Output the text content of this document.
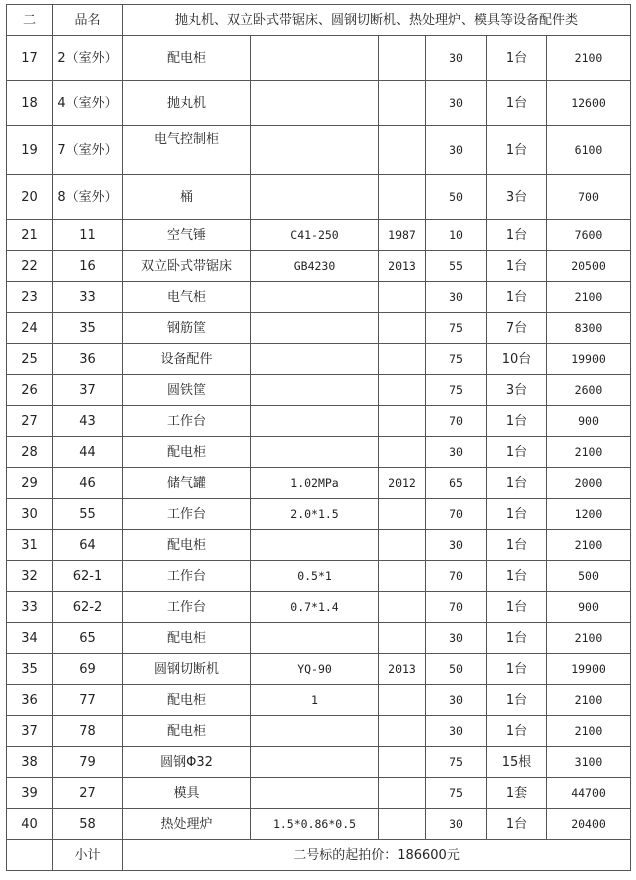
二	品名	抛丸机、双立卧式带锯床、圆钢切断机、热处理炉、模具等设备配件类					
17	2（室外）	配电柜			30	1台	2100
18	4（室外）	抛丸机			30	1台	12600
19	7（室外）	电气控制柜			30	1台	6100
20	8（室外）	桶			50	3台	700
21	11	空气锤	C41-250	1987	10	1台	7600
22	16	双立卧式带锯床	GB4230	2013	55	1台	20500
23	33	电气柜			30	1台	2100
24	35	钢筋筐			75	7台	8300
25	36	设备配件			75	10台	19900
26	37	圆铁筐			75	3台	2600
27	43	工作台			70	1台	900
28	44	配电柜			30	1台	2100
29	46	储气罐	1.02MPa	2012	65	1台	2000
30	55	工作台	2.0*1.5		70	1台	1200
31	64	配电柜			30	1台	2100
32	62-1	工作台	0.5*1		70	1台	500
33	62-2	工作台	0.7*1.4		70	1台	900
34	65	配电柜			30	1台	2100
35	69	圆钢切断机	YQ-90	2013	50	1台	19900
36	77	配电柜	1		30	1台	2100
37	78	配电柜			30	1台	2100
38	79	圆钢Φ32			75	15根	3100
39	27	模具			75	1套	44700
40	58	热处理炉	1.5*0.86*0.5		30	1台	20400
	小计	二号标的起拍价：186600元					
